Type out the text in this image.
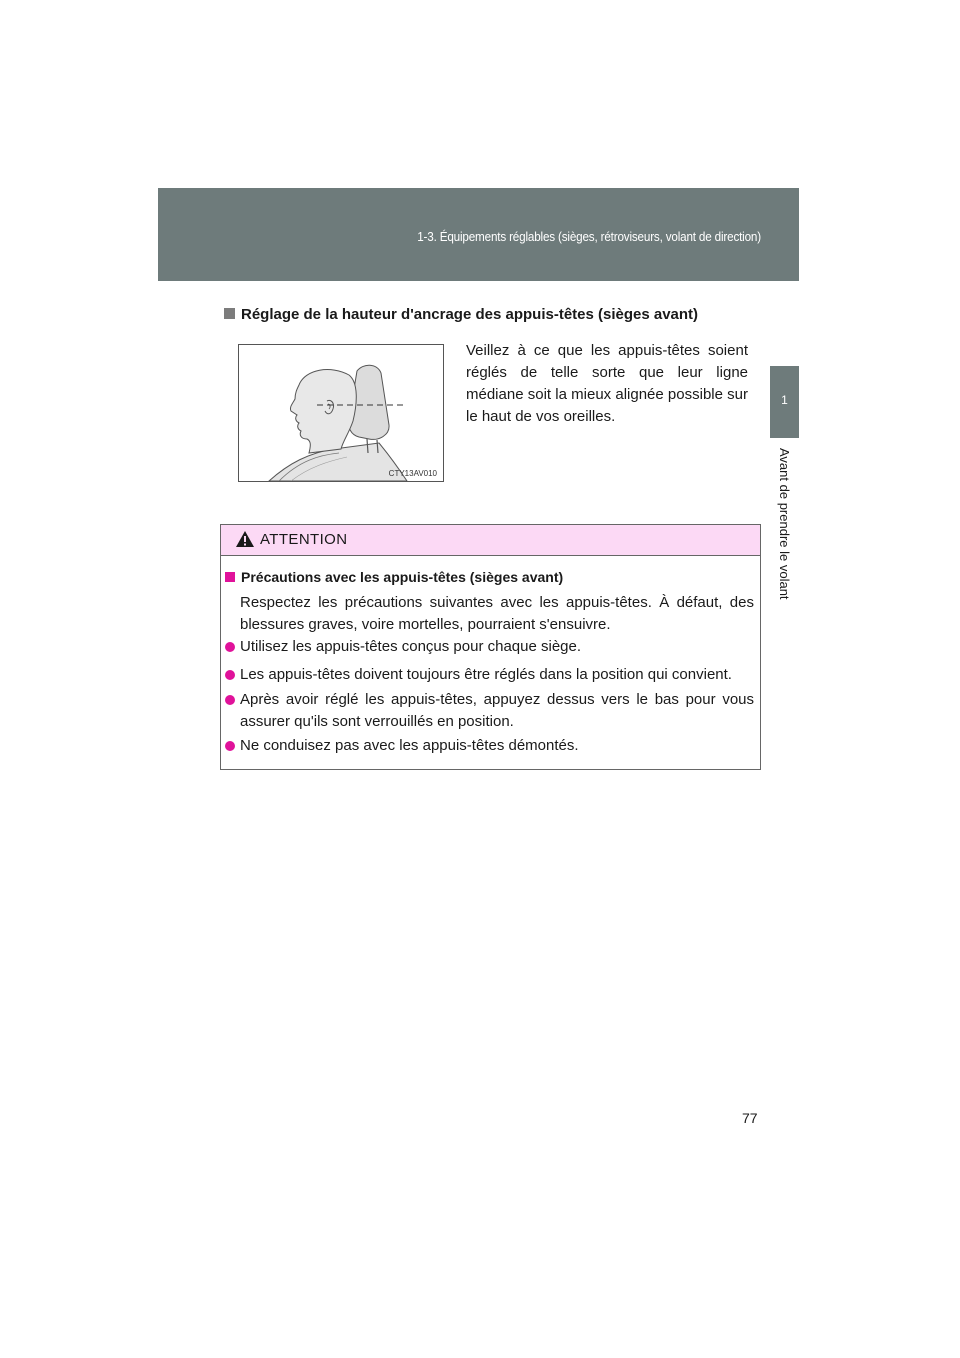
1-3. Équipements réglables (sièges, rétroviseurs, volant de direction)
1
Avant de prendre le volant
Réglage de la hauteur d'ancrage des appuis-têtes (sièges avant)
CTY13AV010
Veillez à ce que les appuis-têtes soient réglés de telle sorte que leur ligne médiane soit la mieux alignée possible sur le haut de vos oreilles.
ATTENTION
Précautions avec les appuis-têtes (sièges avant)
Respectez les précautions suivantes avec les appuis-têtes. À défaut, des blessures graves, voire mortelles, pourraient s'ensuivre.
Utilisez les appuis-têtes conçus pour chaque siège.
Les appuis-têtes doivent toujours être réglés dans la position qui convient.
Après avoir réglé les appuis-têtes, appuyez dessus vers le bas pour vous assurer qu'ils sont verrouillés en position.
Ne conduisez pas avec les appuis-têtes démontés.
77
